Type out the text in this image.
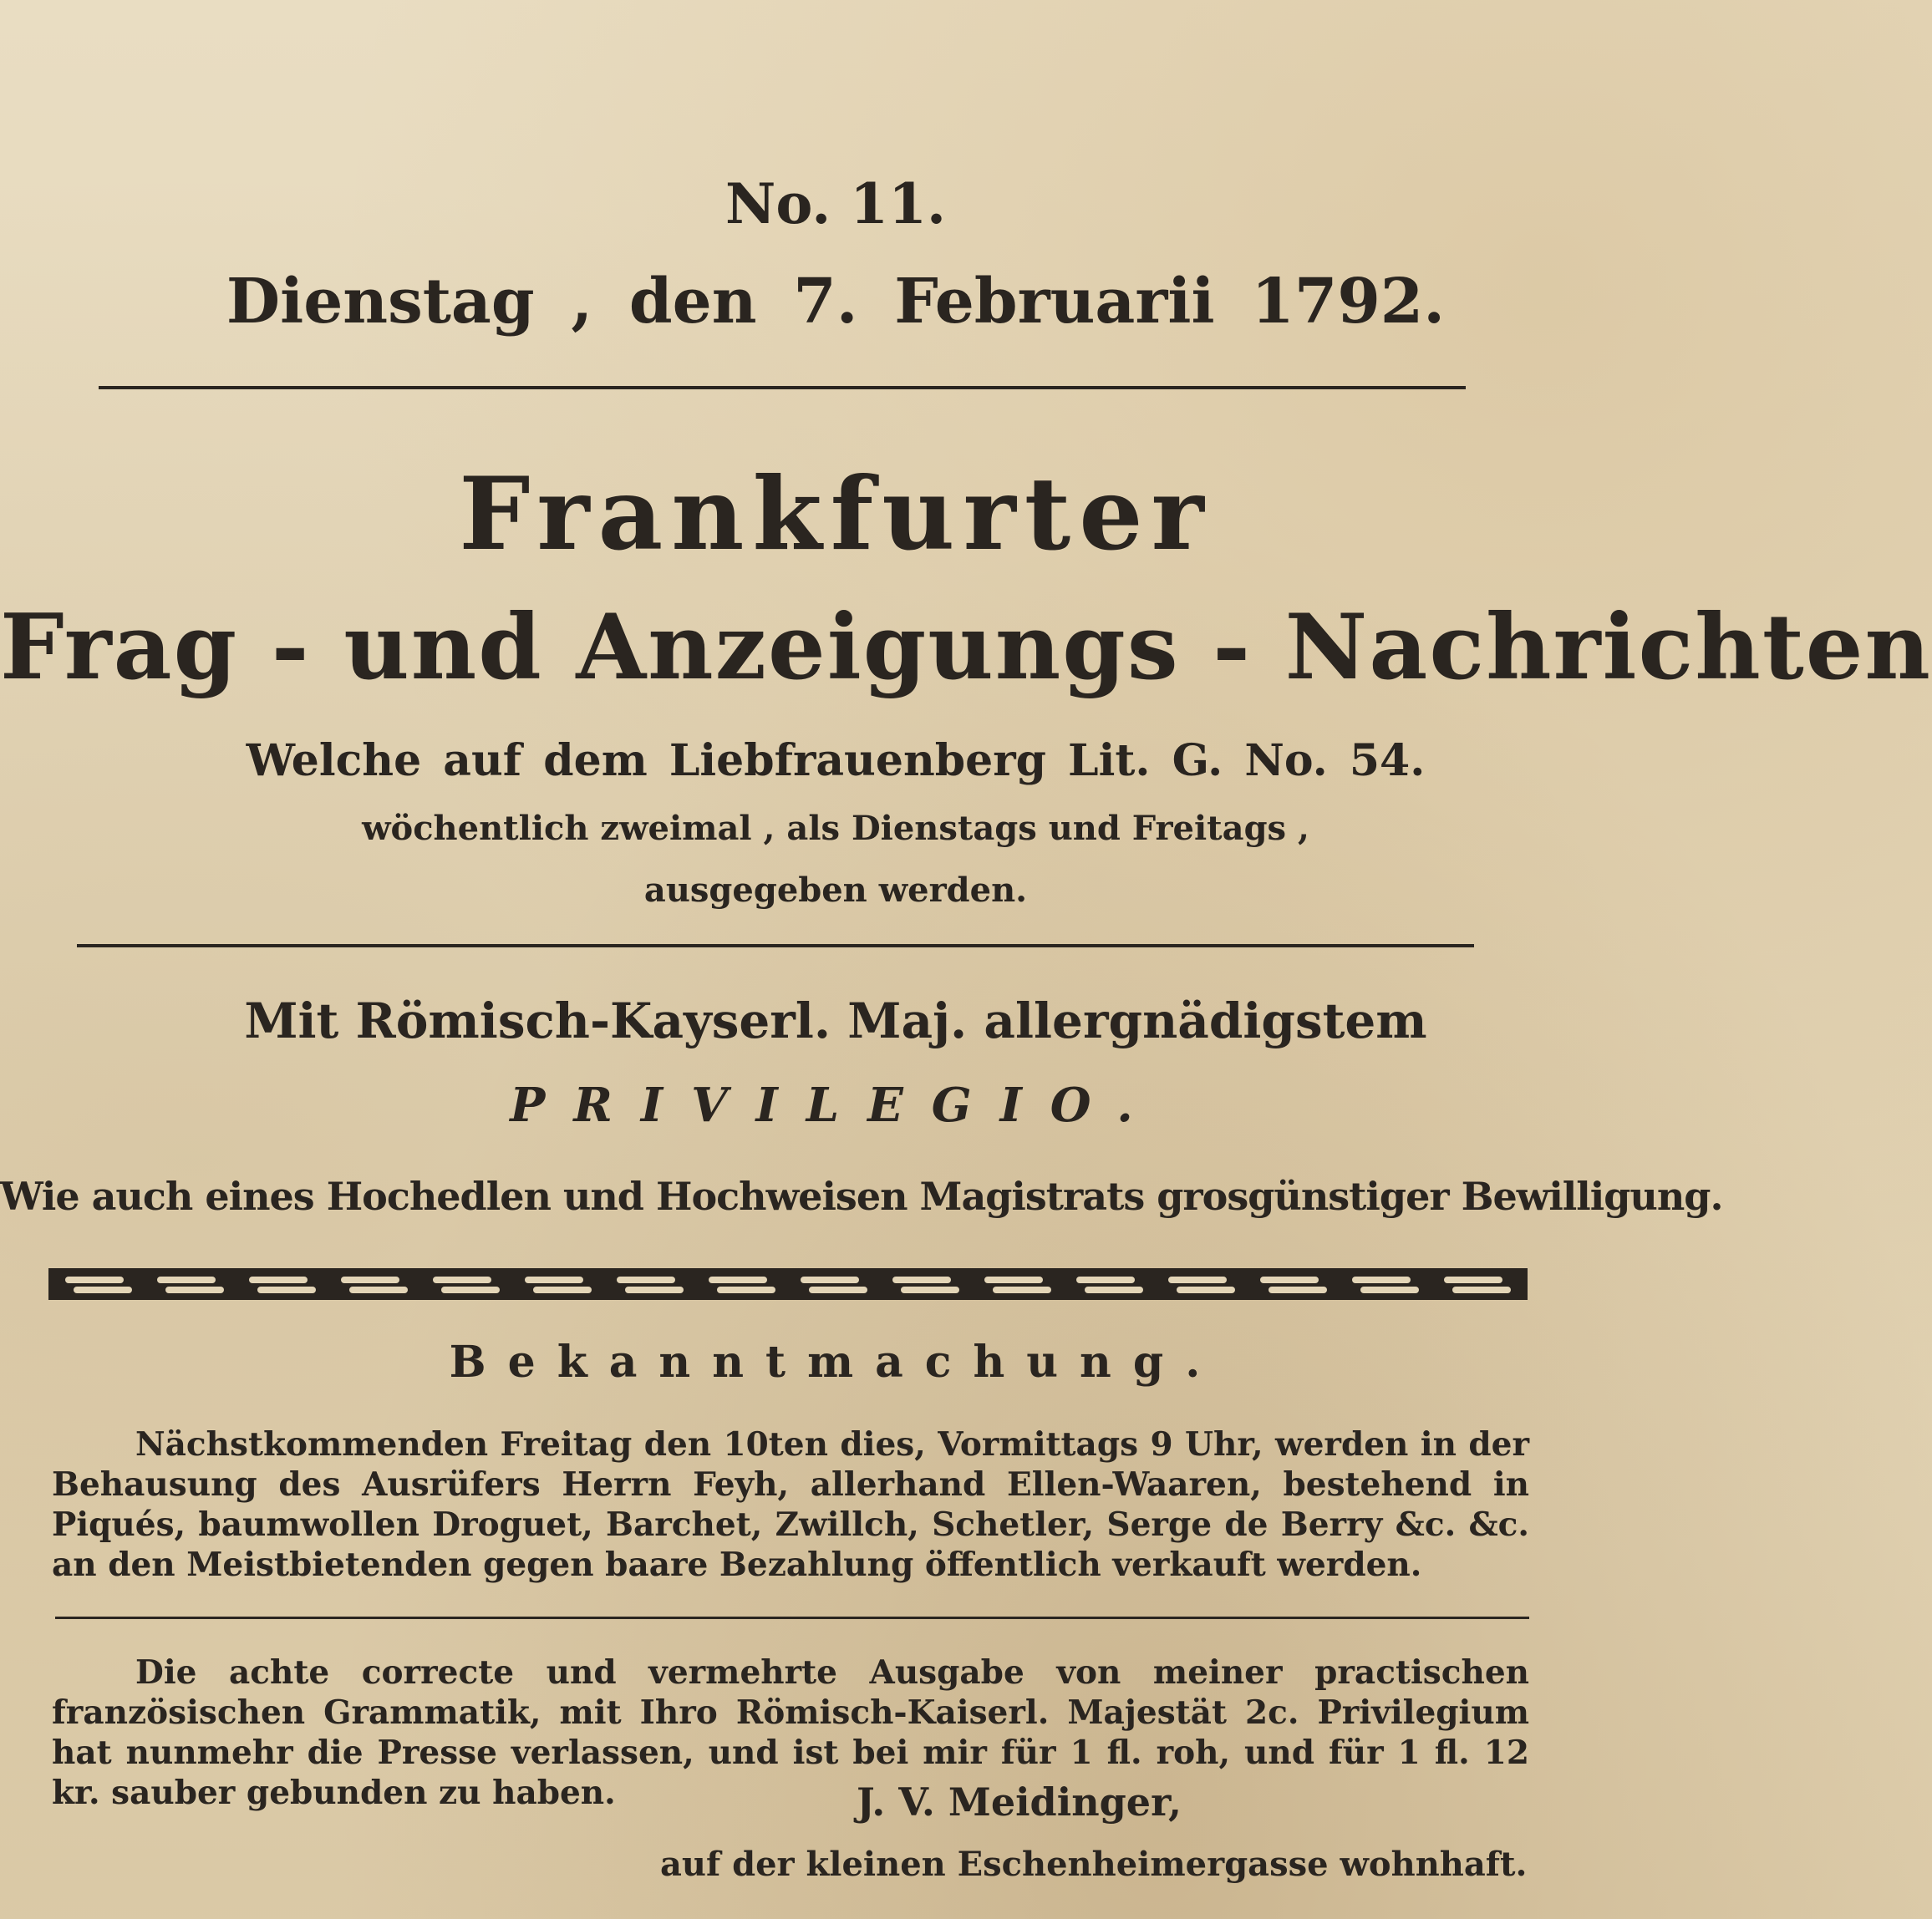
No. 11.
Dienstag , den 7. Februarii 1792.
Frankfurter
Frag - und Anzeigungs - Nachrichten
Welche auf dem Liebfrauenberg Lit. G. No. 54.
wöchentlich zweimal , als Dienstags und Freitags ,
ausgegeben werden.
Mit Römisch-Kayserl. Maj. allergnädigstem
PRIVILEGIO.
Wie auch eines Hochedlen und Hochweisen Magistrats grosgünstiger Bewilligung.
Bekanntmachung.
Nächstkommenden Freitag den 10ten dies, Vormittags 9 Uhr, werden in der Behausung des Ausrüfers Herrn Feyh, allerhand Ellen-Waaren, bestehend in Piqués, baumwollen Droguet, Barchet, Zwillch, Schetler, Serge de Berry &c. &c. an den Meistbietenden gegen baare Bezahlung öffentlich verkauft werden.
Die achte correcte und vermehrte Ausgabe von meiner practischen französischen Grammatik, mit Ihro Römisch-Kaiserl. Majestät 2c. Privilegium hat nunmehr die Presse verlassen, und ist bei mir für 1 fl. roh, und für 1 fl. 12 kr. sauber gebunden zu haben.	J. V. Meidinger,
auf der kleinen Eschenheimergasse wohnhaft.
